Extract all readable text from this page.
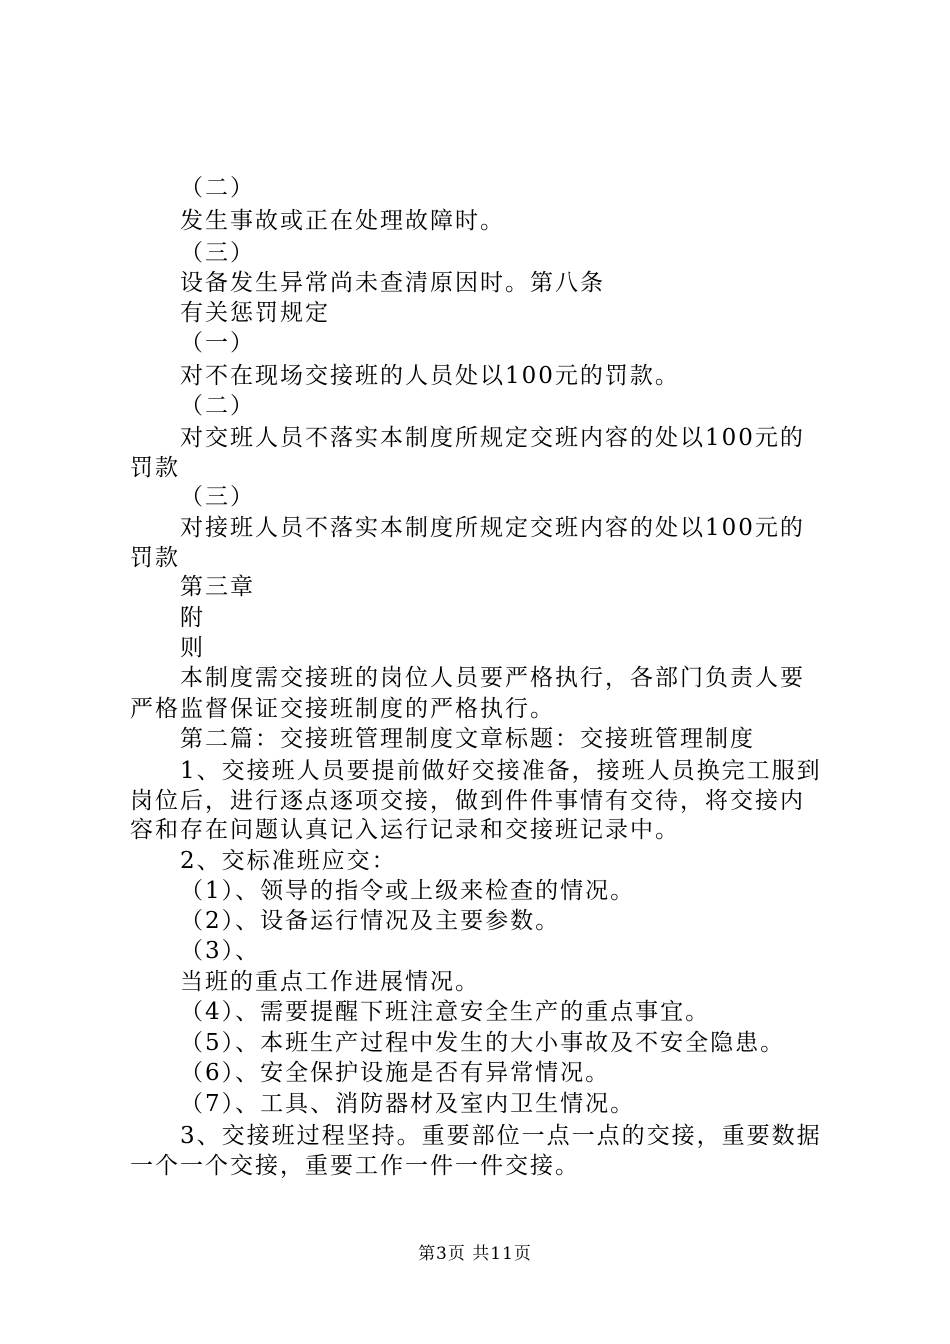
（二）
发生事故或正在处理故障时。
（三）
设备发生异常尚未查清原因时。第八条
有关惩罚规定
（一）
对不在现场交接班的人员处以100元的罚款。
（二）
对交班人员不落实本制度所规定交班内容的处以100元的
罚款
（三）
对接班人员不落实本制度所规定交班内容的处以100元的
罚款
第三章
附
则
本制度需交接班的岗位人员要严格执行，各部门负责人要
严格监督保证交接班制度的严格执行。
第二篇：交接班管理制度文章标题：交接班管理制度
1、交接班人员要提前做好交接准备，接班人员换完工服到
岗位后，进行逐点逐项交接，做到件件事情有交待，将交接内
容和存在问题认真记入运行记录和交接班记录中。
2、交标准班应交：
（1）、领导的指令或上级来检查的情况。
（2）、设备运行情况及主要参数。
（3）、
当班的重点工作进展情况。
（4）、需要提醒下班注意安全生产的重点事宜。
（5）、本班生产过程中发生的大小事故及不安全隐患。
（6）、安全保护设施是否有异常情况。
（7）、工具、消防器材及室内卫生情况。
3、交接班过程坚持。重要部位一点一点的交接，重要数据
一个一个交接，重要工作一件一件交接。
第3页 共11页
